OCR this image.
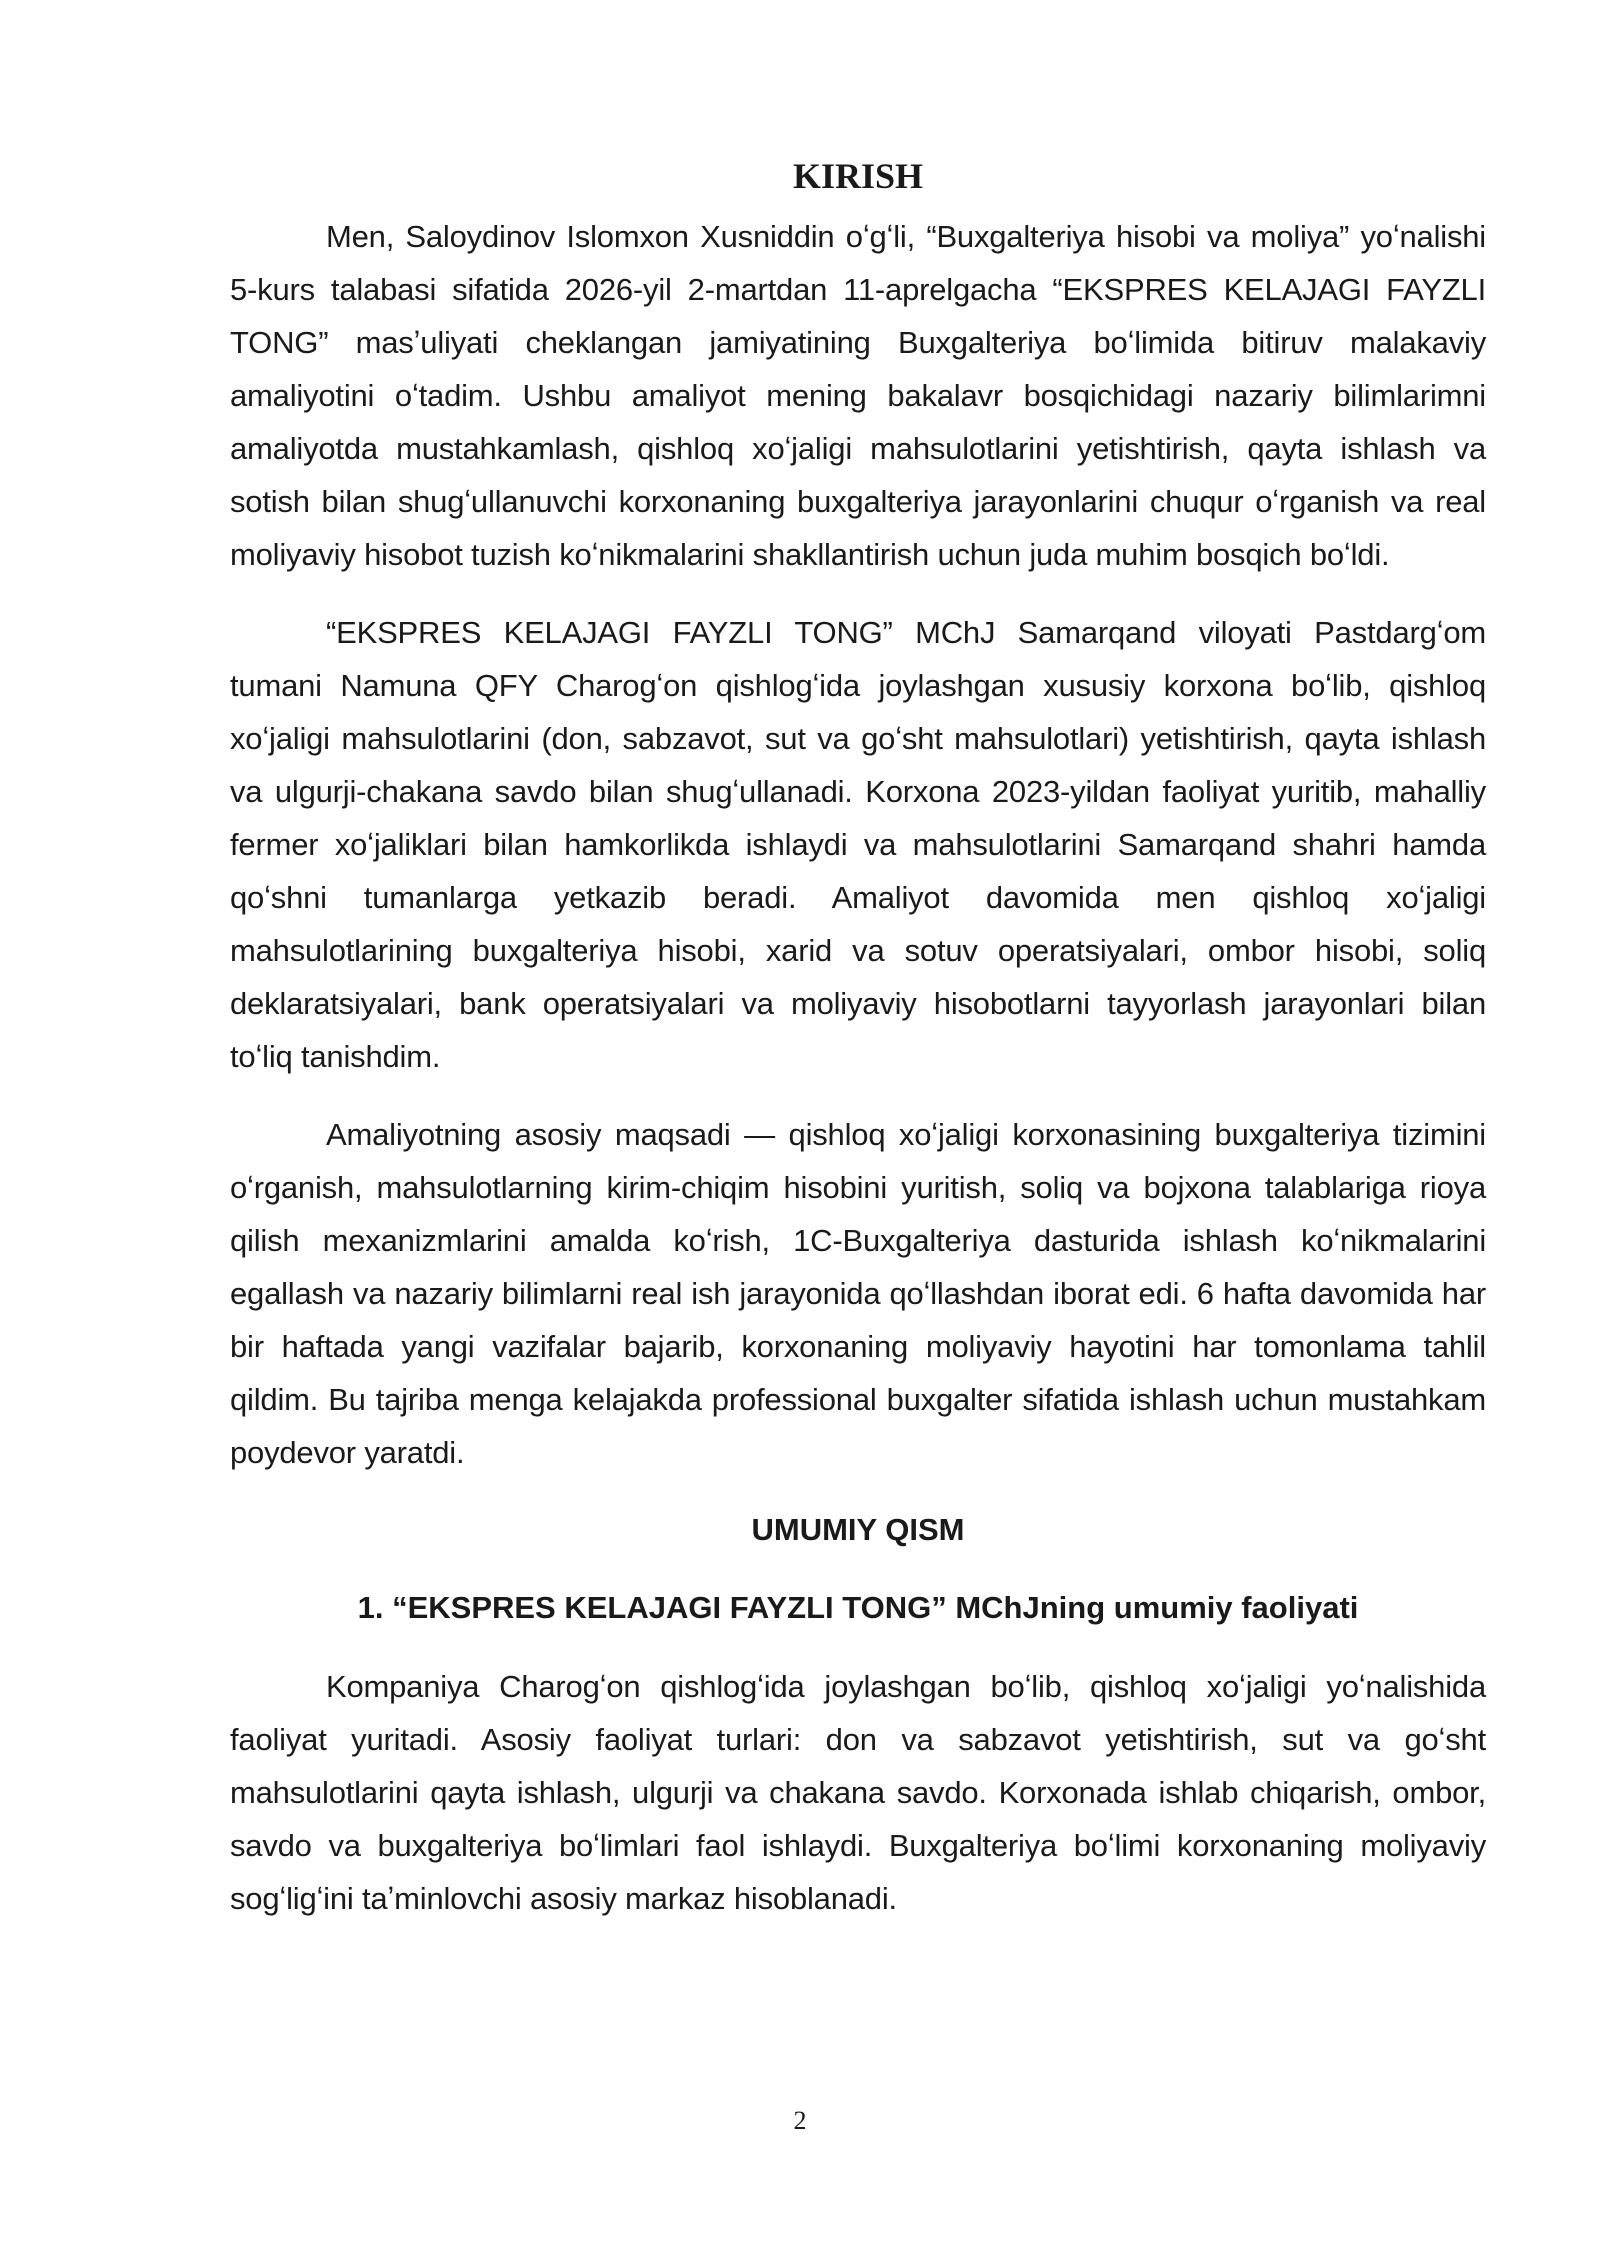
KIRISH

Men, Saloydinov Islomxon Xusniddin oʻgʻli, “Buxgalteriya hisobi va moliya” yoʻnalishi 5-kurs talabasi sifatida 2026-yil 2-martdan 11-aprelgacha “EKSPRES KELAJAGI FAYZLI TONG” masʼuliyati cheklangan jamiyatining Buxgalteriya boʻlimida bitiruv malakaviy amaliyotini oʻtadim. Ushbu amaliyot mening bakalavr bosqichidagi nazariy bilimlarimni amaliyotda mustahkamlash, qishloq xoʻjaligi mahsulotlarini yetishtirish, qayta ishlash va sotish bilan shugʻullanuvchi korxonaning buxgalteriya jarayonlarini chuqur oʻrganish va real moliyaviy hisobot tuzish koʻnikmalarini shakllantirish uchun juda muhim bosqich boʻldi.

“EKSPRES KELAJAGI FAYZLI TONG” MChJ Samarqand viloyati Pastdargʻom tumani Namuna QFY Charogʻon qishlogʻida joylashgan xususiy korxona boʻlib, qishloq xoʻjaligi mahsulotlarini (don, sabzavot, sut va goʻsht mahsulotlari) yetishtirish, qayta ishlash va ulgurji-chakana savdo bilan shugʻullanadi. Korxona 2023-yildan faoliyat yuritib, mahalliy fermer xoʻjaliklari bilan hamkorlikda ishlaydi va mahsulotlarini Samarqand shahri hamda qoʻshni tumanlarga yetkazib beradi. Amaliyot davomida men qishloq xoʻjaligi mahsulotlarining buxgalteriya hisobi, xarid va sotuv operatsiyalari, ombor hisobi, soliq deklaratsiyalari, bank operatsiyalari va moliyaviy hisobotlarni tayyorlash jarayonlari bilan toʻliq tanishdim.

Amaliyotning asosiy maqsadi — qishloq xoʻjaligi korxonasining buxgalteriya tizimini oʻrganish, mahsulotlarning kirim-chiqim hisobini yuritish, soliq va bojxona talablariga rioya qilish mexanizmlarini amalda koʻrish, 1C-Buxgalteriya dasturida ishlash koʻnikmalarini egallash va nazariy bilimlarni real ish jarayonida qoʻllashdan iborat edi. 6 hafta davomida har bir haftada yangi vazifalar bajarib, korxonaning moliyaviy hayotini har tomonlama tahlil qildim. Bu tajriba menga kelajakda professional buxgalter sifatida ishlash uchun mustahkam poydevor yaratdi.

UMUMIY QISM
1. “EKSPRES KELAJAGI FAYZLI TONG” MChJning umumiy faoliyati

Kompaniya Charogʻon qishlogʻida joylashgan boʻlib, qishloq xoʻjaligi yoʻnalishida faoliyat yuritadi. Asosiy faoliyat turlari: don va sabzavot yetishtirish, sut va goʻsht mahsulotlarini qayta ishlash, ulgurji va chakana savdo. Korxonada ishlab chiqarish, ombor, savdo va buxgalteriya boʻlimlari faol ishlaydi. Buxgalteriya boʻlimi korxonaning moliyaviy sogʻligʻini taʼminlovchi asosiy markaz hisoblanadi.

2
